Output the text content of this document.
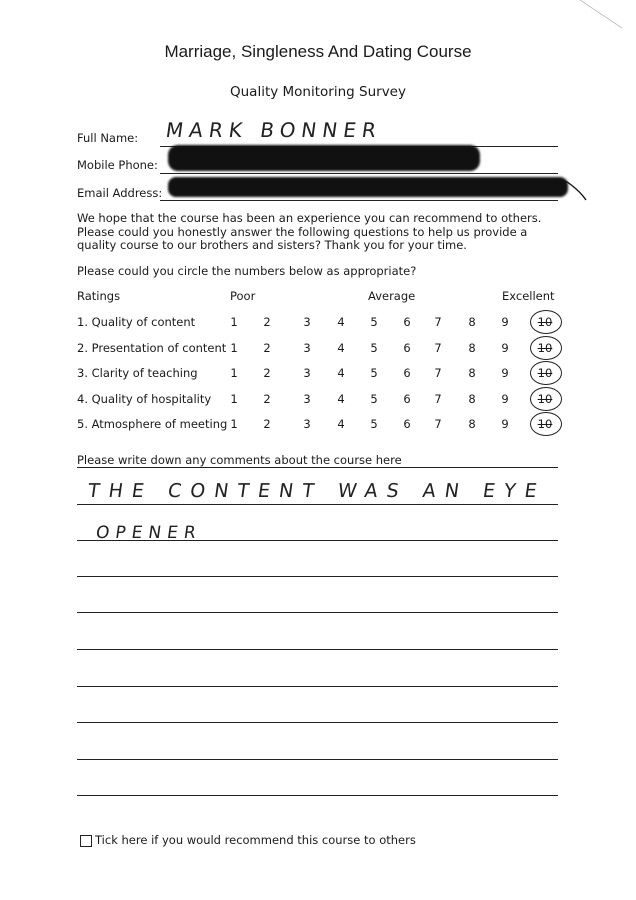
Marriage, Singleness And Dating Course
Quality Monitoring Survey
Full Name: MARK BONNER
Mobile Phone:
Email Address:
We hope that the course has been an experience you can recommend to others. Please could you honestly answer the following questions to help us provide a quality course to our brothers and sisters? Thank you for your time.
Please could you circle the numbers below as appropriate?
Ratings	Poor	Average	Excellent
1. Quality of content	1	2	3	4	5	6	7	8	9	10
2. Presentation of content 1	2	3	4	5	6	7	8	9	10
3. Clarity of teaching	1	2	3	4	5	6	7	8	9	10
4. Quality of hospitality	1	2	3	4	5	6	7	8	9	10
5. Atmosphere of meeting 1	2	3	4	5	6	7	8	9	10
Please write down any comments about the course here
THE CONTENT WAS AN EYE
OPENER
Tick here if you would recommend this course to others
